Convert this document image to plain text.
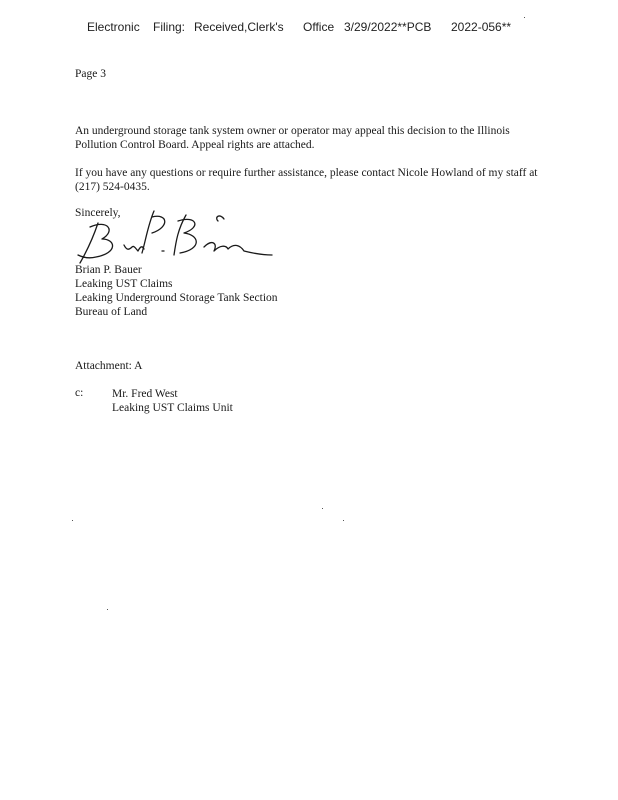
Electronic Filing: Received,Clerk's Office 3/29/2022**PCB 2022-056**
Page 3
An underground storage tank system owner or operator may appeal this decision to the Illinois Pollution Control Board. Appeal rights are attached.
If you have any questions or require further assistance, please contact Nicole Howland of my staff at (217) 524-0435.
Sincerely,
Brian P. Bauer
Leaking UST Claims
Leaking Underground Storage Tank Section
Bureau of Land
Attachment: A
c: Mr. Fred West
Leaking UST Claims Unit
